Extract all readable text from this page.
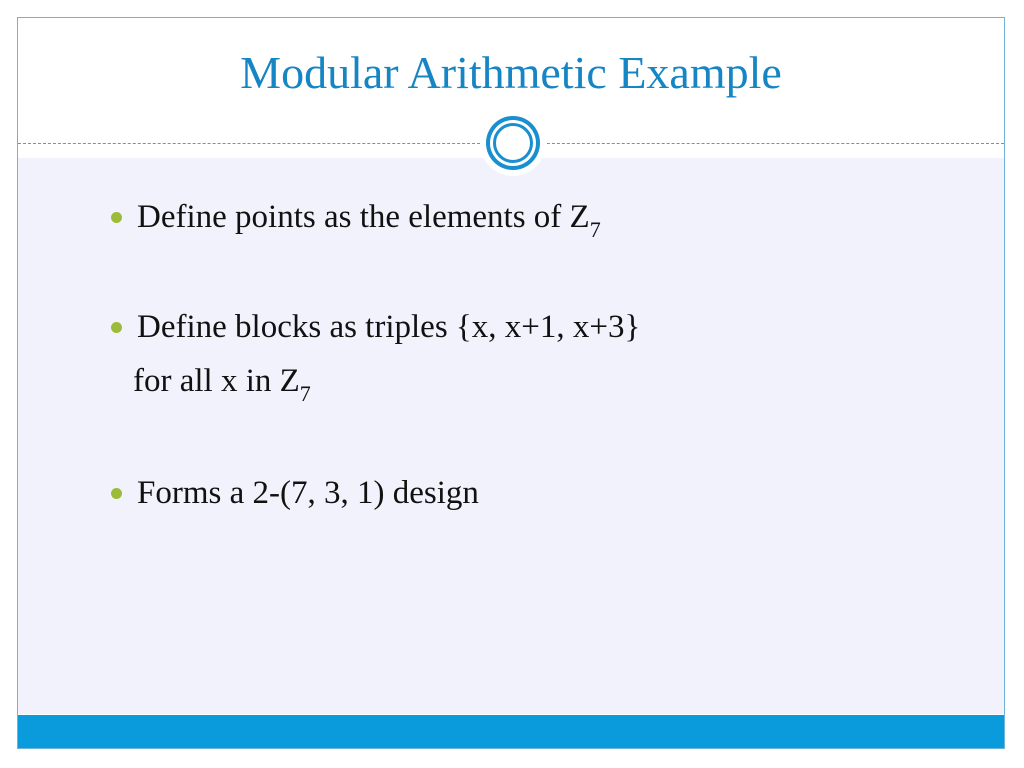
Modular Arithmetic Example
Define points as the elements of $Z_7$
Define blocks as triples {x, x+1, x+3}
for all x in $Z_7$
Forms a 2-(7, 3, 1) design
